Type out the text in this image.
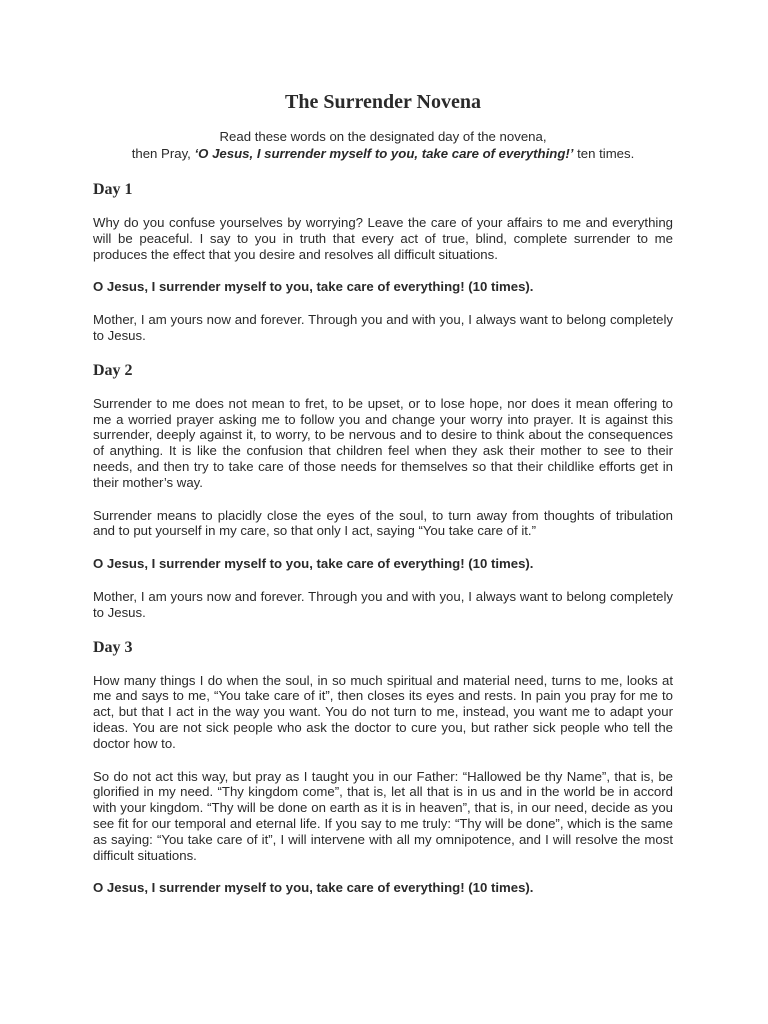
The Surrender Novena
Read these words on the designated day of the novena,
then Pray, ‘O Jesus, I surrender myself to you, take care of everything!’ ten times.
Day 1

Why do you confuse yourselves by worrying? Leave the care of your affairs to me and everything will be peaceful. I say to you in truth that every act of true, blind, complete surrender to me produces the effect that you desire and resolves all difficult situations.

O Jesus, I surrender myself to you, take care of everything! (10 times).

Mother, I am yours now and forever. Through you and with you, I always want to belong completely to Jesus.

Day 2

Surrender to me does not mean to fret, to be upset, or to lose hope, nor does it mean offering to me a worried prayer asking me to follow you and change your worry into prayer. It is against this surrender, deeply against it, to worry, to be nervous and to desire to think about the consequences of anything. It is like the confusion that children feel when they ask their mother to see to their needs, and then try to take care of those needs for themselves so that their childlike efforts get in their mother’s way.

Surrender means to placidly close the eyes of the soul, to turn away from thoughts of tribulation and to put yourself in my care, so that only I act, saying “You take care of it.”

O Jesus, I surrender myself to you, take care of everything! (10 times).

Mother, I am yours now and forever. Through you and with you, I always want to belong completely to Jesus.

Day 3

How many things I do when the soul, in so much spiritual and material need, turns to me, looks at me and says to me, “You take care of it”, then closes its eyes and rests. In pain you pray for me to act, but that I act in the way you want. You do not turn to me, instead, you want me to adapt your ideas. You are not sick people who ask the doctor to cure you, but rather sick people who tell the doctor how to.

So do not act this way, but pray as I taught you in our Father: “Hallowed be thy Name”, that is, be glorified in my need. “Thy kingdom come”, that is, let all that is in us and in the world be in accord with your kingdom. “Thy will be done on earth as it is in heaven”, that is, in our need, decide as you see fit for our temporal and eternal life. If you say to me truly: “Thy will be done”, which is the same as saying: “You take care of it”, I will intervene with all my omnipotence, and I will resolve the most difficult situations.

O Jesus, I surrender myself to you, take care of everything! (10 times).
